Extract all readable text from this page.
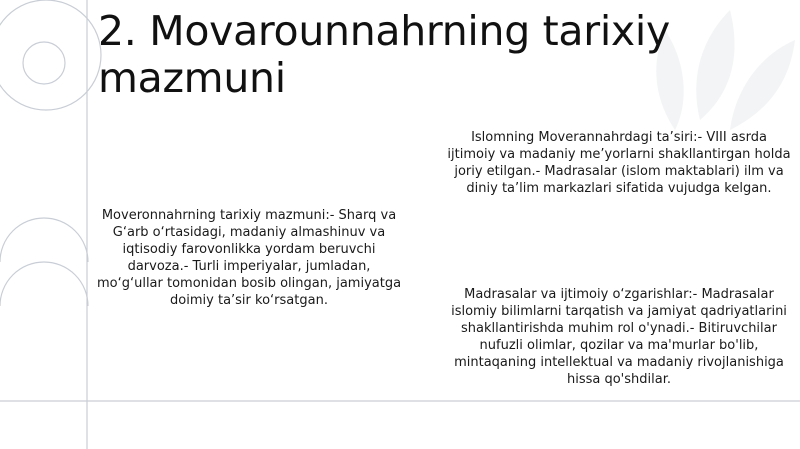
2. Movarounnahrning tarixiy mazmuni

Moveronnahrning tarixiy mazmuni:- Sharq va G‘arb o‘rtasidagi, madaniy almashinuv va iqtisodiy farovonlikka yordam beruvchi darvoza.- Turli imperiyalar, jumladan, mo‘g‘ullar tomonidan bosib olingan, jamiyatga doimiy ta’sir ko‘rsatgan.

Islomning Moverannahrdagi ta’siri:- VIII asrda ijtimoiy va madaniy me’yorlarni shakllantirgan holda joriy etilgan.- Madrasalar (islom maktablari) ilm va diniy ta’lim markazlari sifatida vujudga kelgan.

Madrasalar va ijtimoiy o‘zgarishlar:- Madrasalar islomiy bilimlarni tarqatish va jamiyat qadriyatlarini shakllantirishda muhim rol o'ynadi.- Bitiruvchilar nufuzli olimlar, qozilar va ma'murlar bo'lib, mintaqaning intellektual va madaniy rivojlanishiga hissa qo'shdilar.
